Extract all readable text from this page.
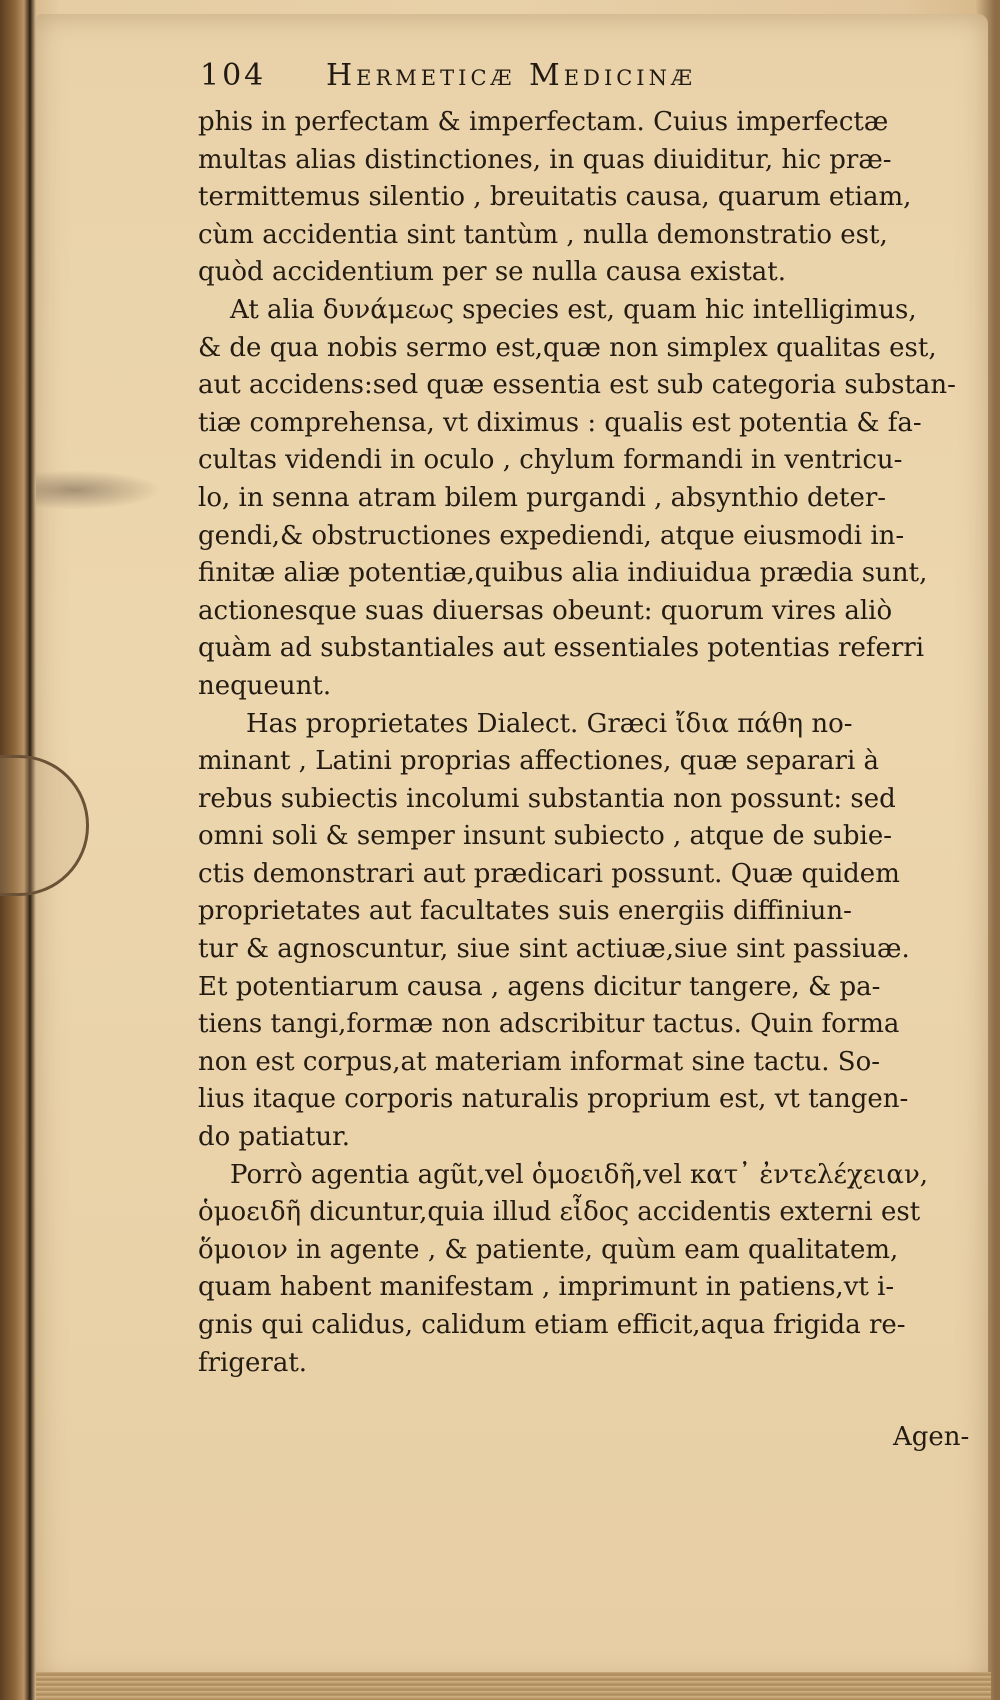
104 Hermeticæ Medicinæ
phis in perfectam & imperfectam. Cuius imperfectæ
multas alias distinctiones, in quas diuiditur, hic præ-
termittemus silentio , breuitatis causa, quarum etiam,
cùm accidentia sint tantùm , nulla demonstratio est,
quòd accidentium per se nulla causa existat.
At alia δυνάμεως species est, quam hic intelligimus,
& de qua nobis sermo est,quæ non simplex qualitas est,
aut accidens:sed quæ essentia est sub categoria substan-
tiæ comprehensa, vt diximus : qualis est potentia & fa-
cultas videndi in oculo , chylum formandi in ventricu-
lo, in senna atram bilem purgandi , absynthio deter-
gendi,& obstructiones expediendi, atque eiusmodi in-
finitæ aliæ potentiæ,quibus alia indiuidua prædia sunt,
actionesque suas diuersas obeunt: quorum vires aliò
quàm ad substantiales aut essentiales potentias referri
nequeunt.
Has proprietates Dialect. Græci ἴδια πάθη no-
minant , Latini proprias affectiones, quæ separari à
rebus subiectis incolumi substantia non possunt: sed
omni soli & semper insunt subiecto , atque de subie-
ctis demonstrari aut prædicari possunt. Quæ quidem
proprietates aut facultates suis energiis diffiniun-
tur & agnoscuntur, siue sint actiuæ,siue sint passiuæ.
Et potentiarum causa , agens dicitur tangere, & pa-
tiens tangi,formæ non adscribitur tactus. Quin forma
non est corpus,at materiam informat sine tactu. So-
lius itaque corporis naturalis proprium est, vt tangen-
do patiatur.
Porrò agentia agũt,vel ὁμοειδῆ,vel κατ᾽ ἐντελέχειαν,
ὁμοειδῆ dicuntur,quia illud εἶδος accidentis externi est
ὅμοιον in agente , & patiente, quùm eam qualitatem,
quam habent manifestam , imprimunt in patiens,vt i-
gnis qui calidus, calidum etiam efficit,aqua frigida re-
frigerat.
Agen-
